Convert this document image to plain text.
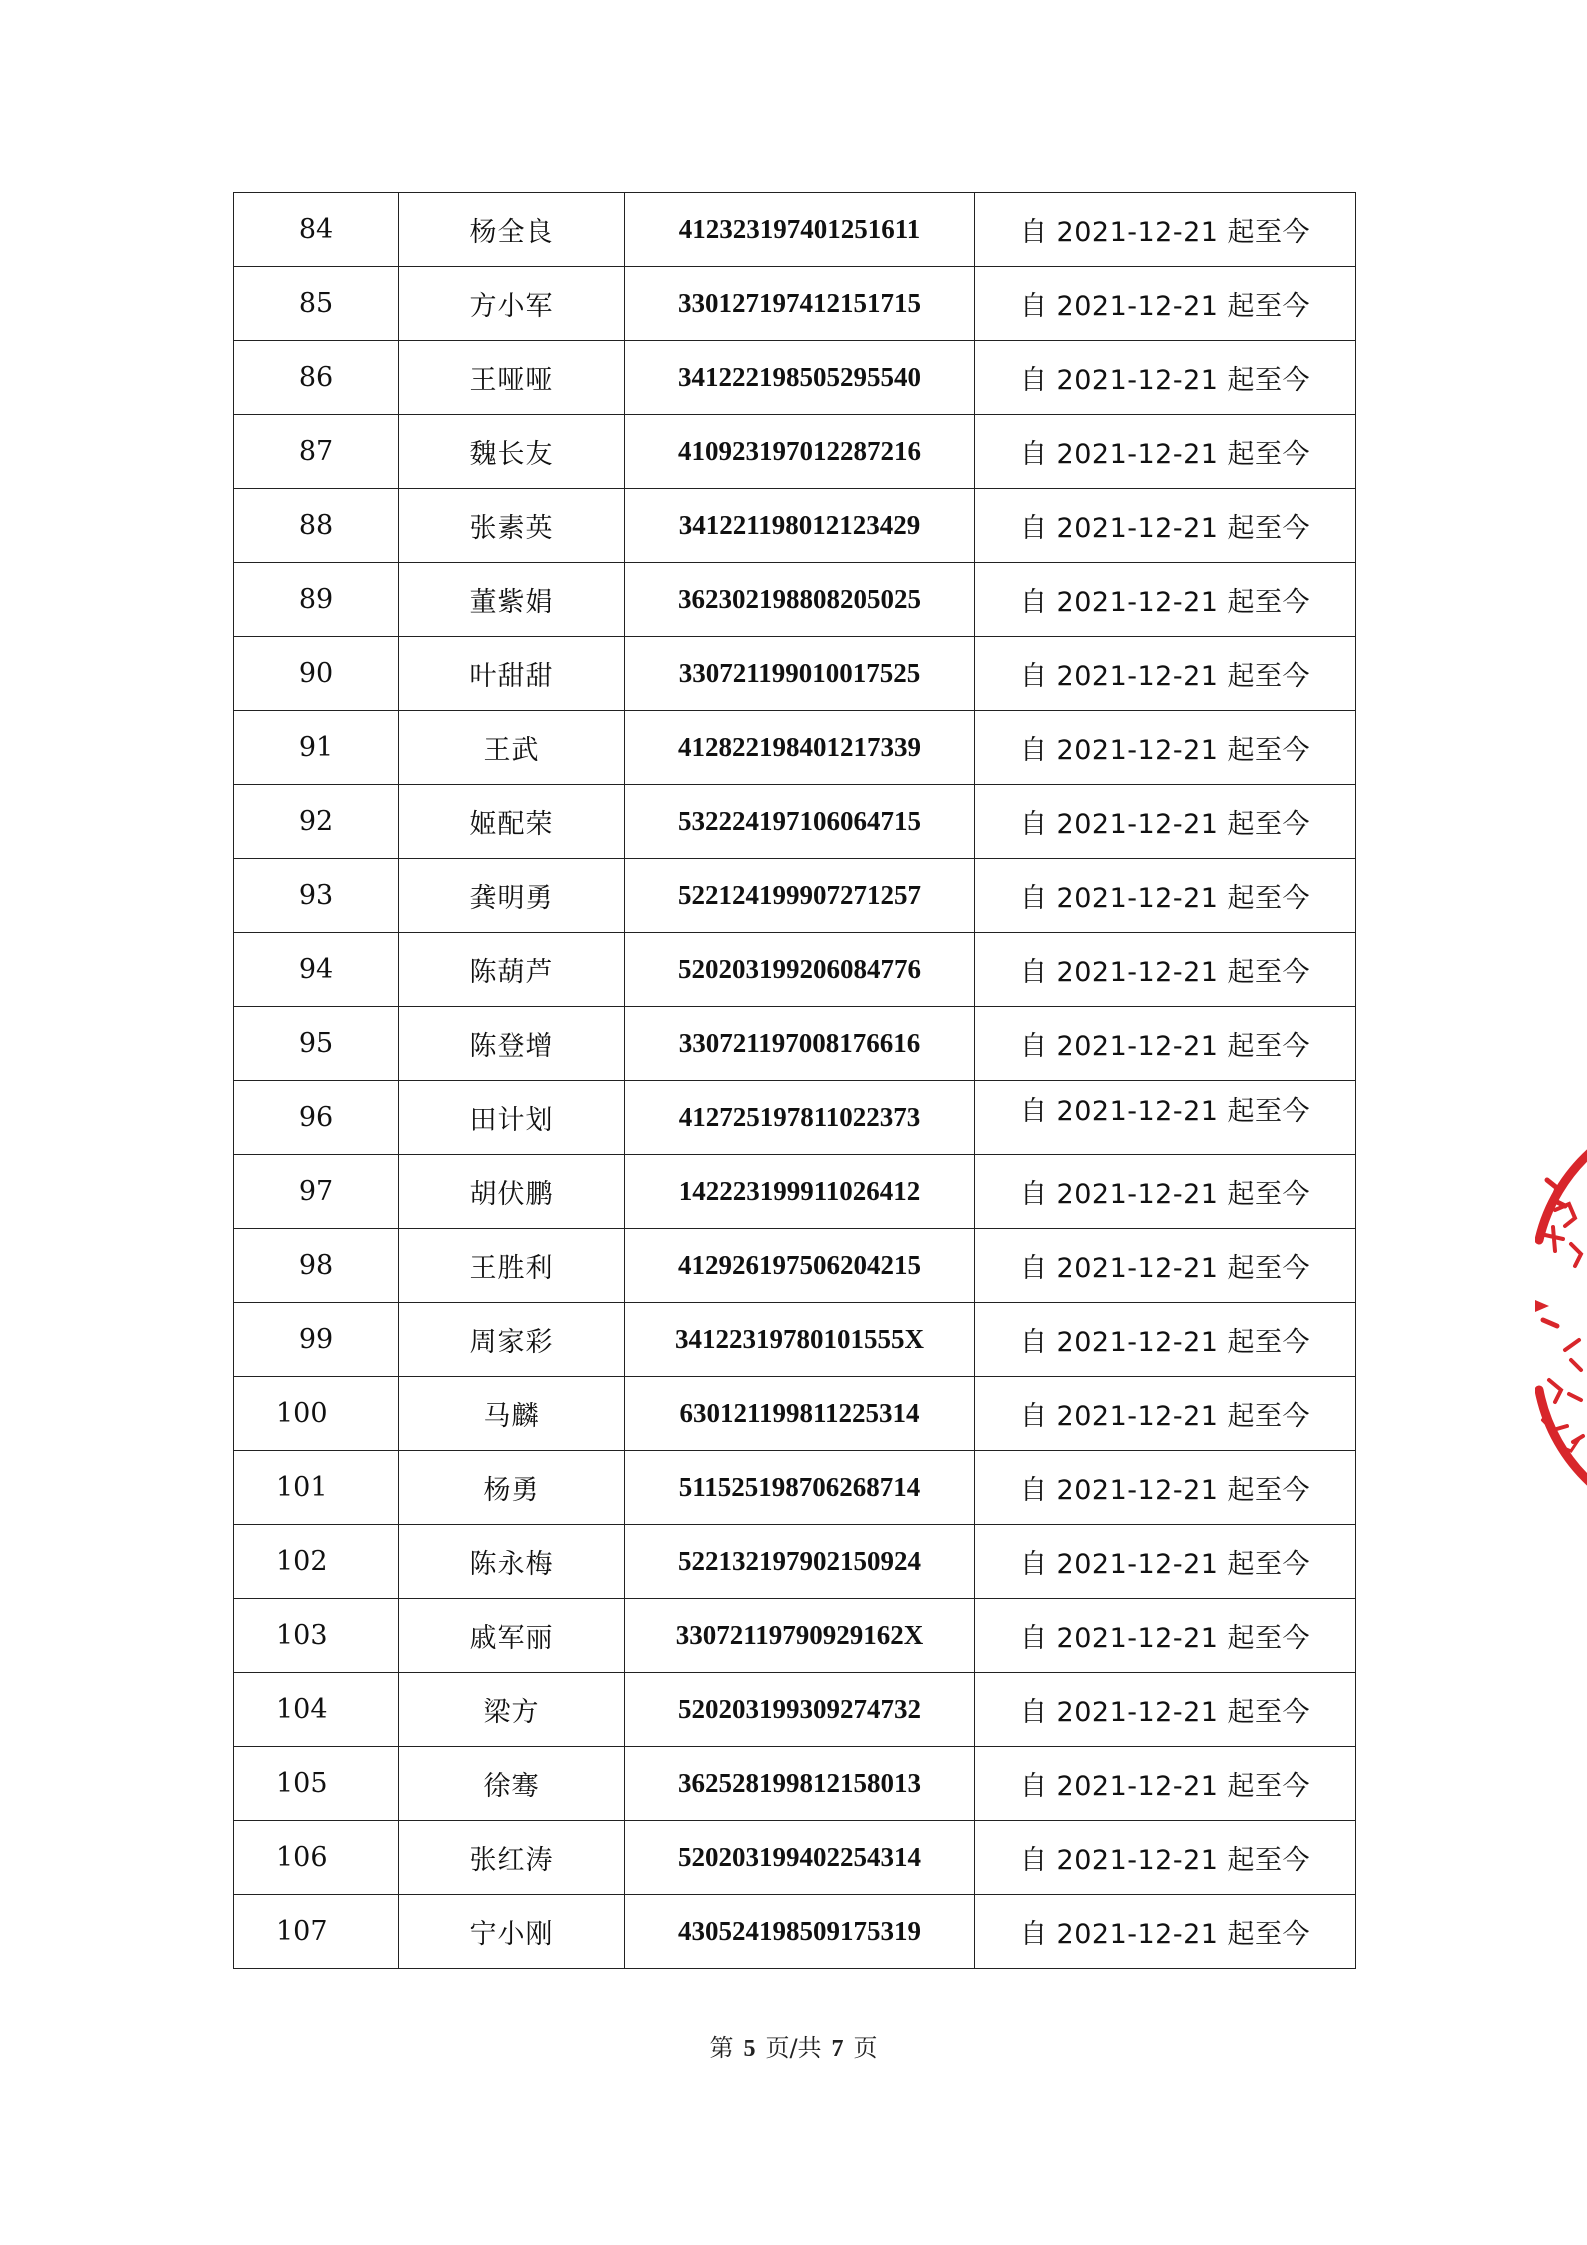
84	杨全良	412323197401251611	自 2021-12-21 起至今
85	方小军	330127197412151715	自 2021-12-21 起至今
86	王哑哑	341222198505295540	自 2021-12-21 起至今
87	魏长友	410923197012287216	自 2021-12-21 起至今
88	张素英	341221198012123429	自 2021-12-21 起至今
89	董紫娟	362302198808205025	自 2021-12-21 起至今
90	叶甜甜	330721199010017525	自 2021-12-21 起至今
91	王武	412822198401217339	自 2021-12-21 起至今
92	姬配荣	532224197106064715	自 2021-12-21 起至今
93	龚明勇	522124199907271257	自 2021-12-21 起至今
94	陈葫芦	520203199206084776	自 2021-12-21 起至今
95	陈登增	330721197008176616	自 2021-12-21 起至今
96	田计划	412725197811022373	自 2021-12-21 起至今
97	胡伏鹏	142223199911026412	自 2021-12-21 起至今
98	王胜利	412926197506204215	自 2021-12-21 起至今
99	周家彩	34122319780101555X	自 2021-12-21 起至今
100	马麟	630121199811225314	自 2021-12-21 起至今
101	杨勇	511525198706268714	自 2021-12-21 起至今
102	陈永梅	522132197902150924	自 2021-12-21 起至今
103	戚军丽	33072119790929162X	自 2021-12-21 起至今
104	梁方	520203199309274732	自 2021-12-21 起至今
105	徐骞	362528199812158013	自 2021-12-21 起至今
106	张红涛	520203199402254314	自 2021-12-21 起至今
107	宁小刚	430524198509175319	自 2021-12-21 起至今
第 5 页/共 7 页
